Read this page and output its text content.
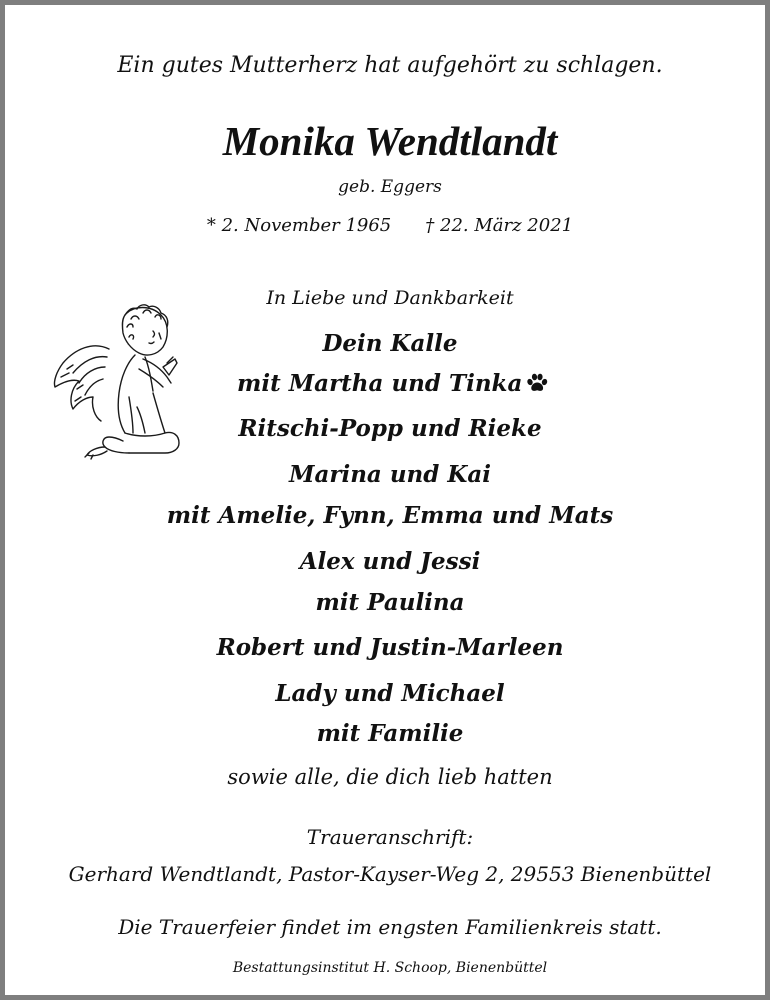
Ein gutes Mutterherz hat aufgehört zu schlagen.
Monika Wendtlandt
geb. Eggers
* 2. November 1965 † 22. März 2021
In Liebe und Dankbarkeit
Dein Kalle
mit Martha und Tinka
Ritschi-Popp und Rieke
Marina und Kai
mit Amelie, Fynn, Emma und Mats
Alex und Jessi
mit Paulina
Robert und Justin-Marleen
Lady und Michael
mit Familie
sowie alle, die dich lieb hatten
Traueranschrift:
Gerhard Wendtlandt, Pastor-Kayser-Weg 2, 29553 Bienenbüttel
Die Trauerfeier findet im engsten Familienkreis statt.
Bestattungsinstitut H. Schoop, Bienenbüttel
